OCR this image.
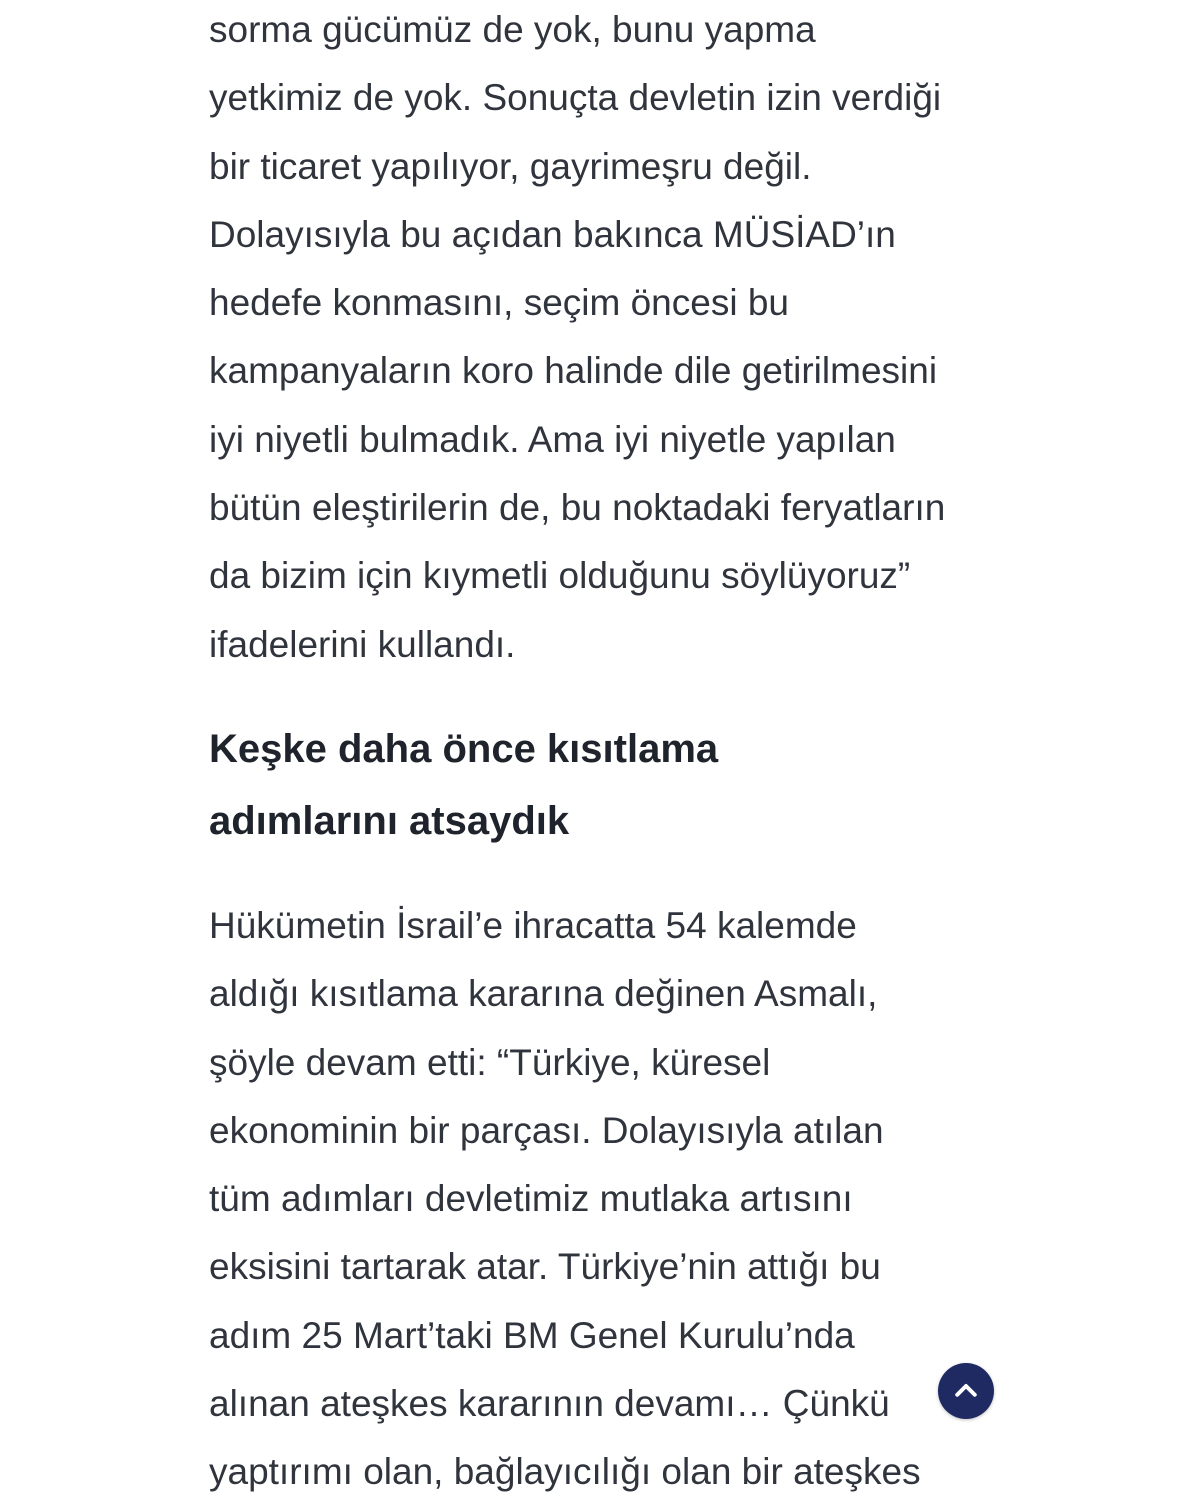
sorma gücümüz de yok, bunu yapma
yetkimiz de yok. Sonuçta devletin izin verdiği
bir ticaret yapılıyor, gayrimeşru değil.
Dolayısıyla bu açıdan bakınca MÜSİAD’ın
hedefe konmasını, seçim öncesi bu
kampanyaların koro halinde dile getirilmesini
iyi niyetli bulmadık. Ama iyi niyetle yapılan
bütün eleştirilerin de, bu noktadaki feryatların
da bizim için kıymetli olduğunu söylüyoruz”
ifadelerini kullandı.

Keşke daha önce kısıtlama
adımlarını atsaydık

Hükümetin İsrail’e ihracatta 54 kalemde
aldığı kısıtlama kararına değinen Asmalı,
şöyle devam etti: “Türkiye, küresel
ekonominin bir parçası. Dolayısıyla atılan
tüm adımları devletimiz mutlaka artısını
eksisini tartarak atar. Türkiye’nin attığı bu
adım 25 Mart’taki BM Genel Kurulu’nda
alınan ateşkes kararının devamı… Çünkü
yaptırımı olan, bağlayıcılığı olan bir ateşkes
